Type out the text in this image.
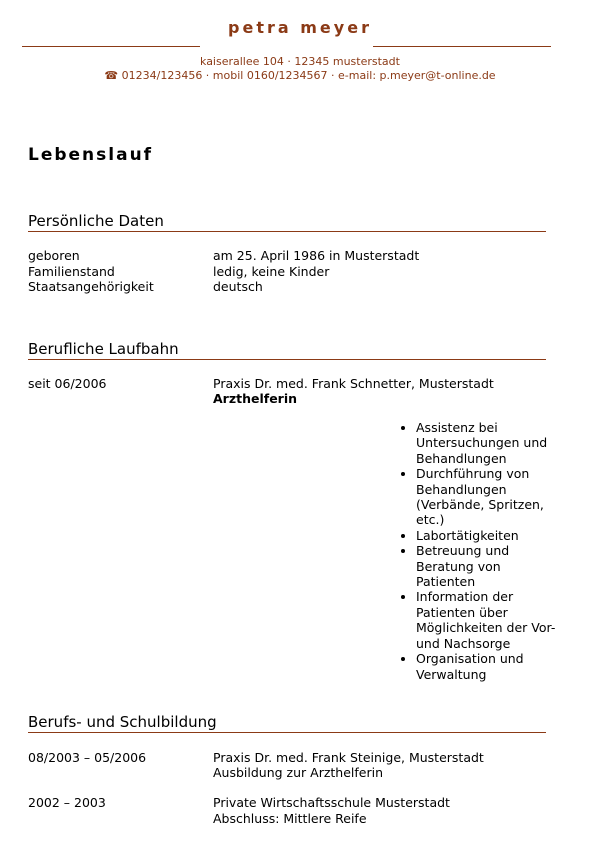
petra meyer
kaiserallee 104 · 12345 musterstadt
☎ 01234/123456 · mobil 0160/1234567 · e-mail: p.meyer@t-online.de
Lebenslauf
Persönliche Daten
geboren	am 25. April 1986 in Musterstadt
Familienstand	ledig, keine Kinder
Staatsangehörigkeit	deutsch
Berufliche Laufbahn
seit 06/2006	Praxis Dr. med. Frank Schnetter, Musterstadt
Arzthelferin
• Assistenz bei Untersuchungen und Behandlungen
• Durchführung von Behandlungen (Verbände, Spritzen, etc.)
• Labortätigkeiten
• Betreuung und Beratung von Patienten
• Information der Patienten über Möglichkeiten der Vor- und Nachsorge
• Organisation und Verwaltung
Berufs- und Schulbildung
08/2003 – 05/2006	Praxis Dr. med. Frank Steinige, Musterstadt
Ausbildung zur Arzthelferin
2002 – 2003	Private Wirtschaftsschule Musterstadt
Abschluss: Mittlere Reife
